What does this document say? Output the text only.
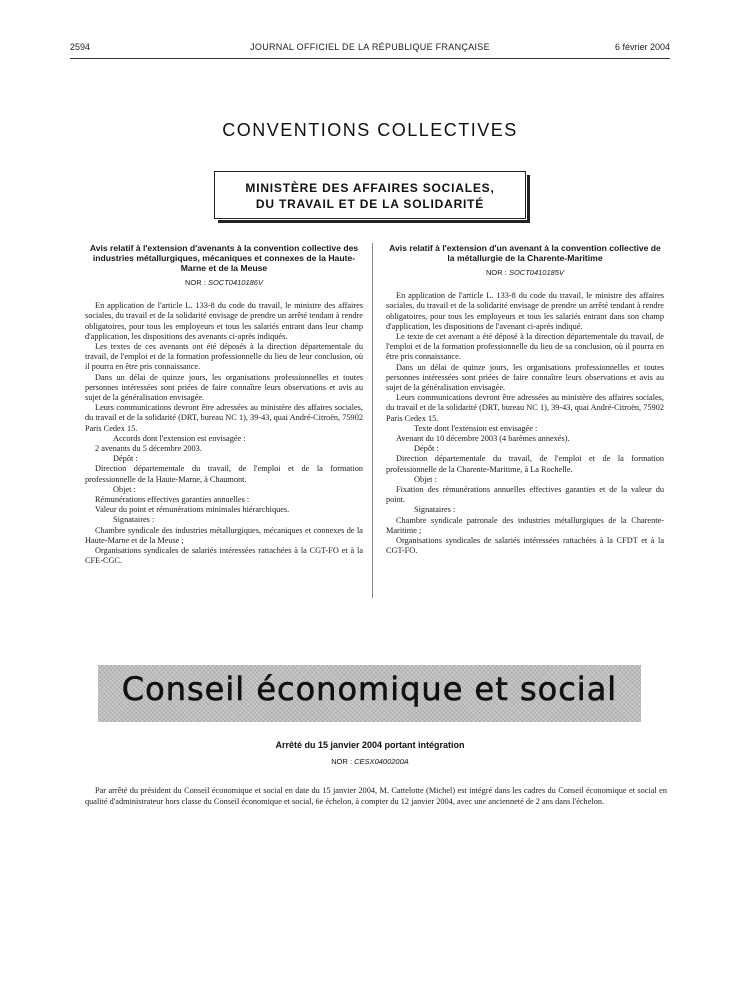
2594	JOURNAL OFFICIEL DE LA RÉPUBLIQUE FRANÇAISE	6 février 2004
CONVENTIONS COLLECTIVES
MINISTÈRE DES AFFAIRES SOCIALES,
DU TRAVAIL ET DE LA SOLIDARITÉ

Avis relatif à l'extension d'avenants à la convention collective des industries métallurgiques, mécaniques et connexes de la Haute-Marne et de la Meuse

NOR : SOCT0410186V

En application de l'article L. 133-8 du code du travail, le ministre des affaires sociales, du travail et de la solidarité envisage de prendre un arrêté tendant à rendre obligatoires, pour tous les employeurs et tous les salariés entrant dans leur champ d'application, les dispositions des avenants ci-après indiqués.

Les textes de ces avenants ont été déposés à la direction départementale du travail, de l'emploi et de la formation professionnelle du lieu de leur conclusion, où il pourra en être pris connaissance.

Dans un délai de quinze jours, les organisations professionnelles et toutes personnes intéressées sont priées de faire connaître leurs observations et avis au sujet de la généralisation envisagée.

Leurs communications devront être adressées au ministère des affaires sociales, du travail et de la solidarité (DRT, bureau NC 1), 39-43, quai André-Citroën, 75902 Paris Cedex 15.

Accords dont l'extension est envisagée :

2 avenants du 5 décembre 2003.

Dépôt :

Direction départementale du travail, de l'emploi et de la formation professionnelle de la Haute-Marne, à Chaumont.

Objet :

Rémunérations effectives garanties annuelles :

Valeur du point et rémunérations minimales hiérarchiques.

Signataires :

Chambre syndicale des industries métallurgiques, mécaniques et connexes de la Haute-Marne et de la Meuse ;

Organisations syndicales de salariés intéressées rattachées à la CGT-FO et à la CFE-CGC.

Avis relatif à l'extension d'un avenant à la convention collective de la métallurgie de la Charente-Maritime

NOR : SOCT0410185V

En application de l'article L. 133-8 du code du travail, le ministre des affaires sociales, du travail et de la solidarité envisage de prendre un arrêté tendant à rendre obligatoires, pour tous les employeurs et tous les salariés entrant dans son champ d'application, les dispositions de l'avenant ci-après indiqué.

Le texte de cet avenant a été déposé à la direction départementale du travail, de l'emploi et de la formation professionnelle du lieu de sa conclusion, où il pourra en être pris connaissance.

Dans un délai de quinze jours, les organisations professionnelles et toutes personnes intéressées sont priées de faire connaître leurs observations et avis au sujet de la généralisation envisagée.

Leurs communications devront être adressées au ministère des affaires sociales, du travail et de la solidarité (DRT, bureau NC 1), 39-43, quai André-Citroën, 75902 Paris Cedex 15.

Texte dont l'extension est envisagée :

Avenant du 10 décembre 2003 (4 barèmes annexés).

Dépôt :

Direction départementale du travail, de l'emploi et de la formation professionnelle de la Charente-Maritime, à La Rochelle.

Objet :

Fixation des rémunérations annuelles effectives garanties et de la valeur du point.

Signataires :

Chambre syndicale patronale des industries métallurgiques de la Charente-Maritime ;

Organisations syndicales de salariés intéressées rattachées à la CFDT et à la CGT-FO.

Conseil économique et social
Arrêté du 15 janvier 2004 portant intégration
NOR : CESX0400200A

Par arrêté du président du Conseil économique et social en date du 15 janvier 2004, M. Cattelotte (Michel) est intégré dans les cadres du Conseil économique et social en qualité d'administrateur hors classe du Conseil économique et social, 6e échelon, à compter du 12 janvier 2004, avec une ancienneté de 2 ans dans l'échelon.
